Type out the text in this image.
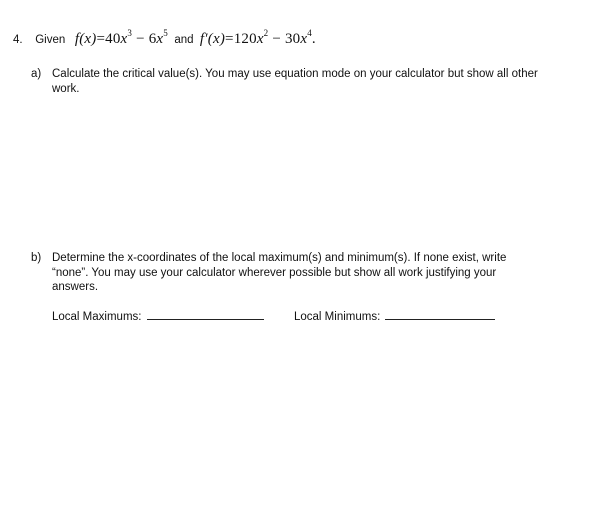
4. Given $f(x)=40x^3 - 6x^5$  and $f'(x)=120x^2 - 30x^4$.
a) Calculate the critical value(s). You may use equation mode on your calculator but show all other work.
b) Determine the x-coordinates of the local maximum(s) and minimum(s). If none exist, write “none”. You may use your calculator wherever possible but show all work justifying your answers.
Local Maximums:	Local Minimums:
